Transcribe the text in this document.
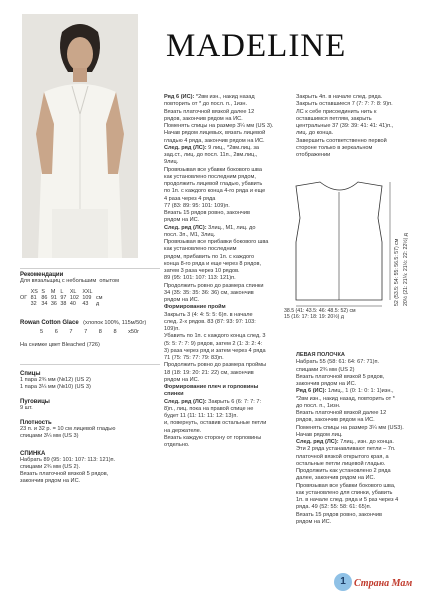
MADELINE
Рекомендации
Для вязальщиц с небольшим  опытом
	XS	S	M	L	XL	XXL	
ОГ	81	86	91	97	102	109	см
	32	34	36	38	40	43	д
Rowan Cotton Glace (хлопок 100%, 115м/50г)
5 6 7 7 8 8 х50г
На снимке цвет Bleached (726)
Спицы
1 пара 2¾ мм (№12) (US 2)
1 пара 3¼ мм (№10) (US 3)
Пуговицы
9 шт.
Плотность
23 п. и 32 р. = 10 см лицевой гладью
спицами 3¼ мм (US 3)
СПИНКА
Набрать 89 (95: 101: 107: 113: 121)п.
спицами 2¾ мм (US 2).
Вязать платочной вязкой 5 рядов,
закончив рядом на ИС.
Ряд 6 (ИС): *2вм изн., накид назад
повторить от * до посл. п., 1изн.
Вязать платочной вязкой далее 12
рядов, закончив рядом на ИС.
Поменять спицы на размер 3¼ мм (US 3).
Начав рядом лицевых, вязать лицевой
гладью 4 ряда, закончив рядом на ИС.
След. ряд (ЛС): 9 лиц., *2вм.лиц. за
зад.ст., лиц. до посл. 11п., 2вм.лиц.,
9лиц.
Провязывая все убавки бокового шва
как установлено последним рядом,
продолжить лицевой гладью, убавить
по 1п. с каждого конца 4-го ряда и еще
4 раза через 4 ряда
77 (83: 89: 95: 101: 109)п.
Вязать 15 рядов ровно, закончив
рядом на ИС.
След. ряд (ЛС): 3лиц., М1, лиц. до
посл. 3п., М1, 3лиц.
Провязывая все прибавки бокового шва
как установлено последним
рядом, прибавить по 1п. с каждого
конца 8-го ряда и еще через 8 рядов,
затем 3 раза через 10 рядов.
89 (95: 101: 107: 113: 121)п.
Продолжить ровно до размера спинки
34 (35: 35: 35: 36: 36) см, закончив
рядом на ИС.
Формирование пройм
Закрыть 3 (4: 4: 5: 5: 6)п. в начале
след. 2-х рядов. 83 (87: 93: 97: 103:
109)п.
Убавить по 1п. с каждого конца след. 3
(5: 5: 7: 7: 9) рядов, затем 2 (1: 3: 2: 4:
3) раза через ряд и затем через 4 ряда
71 (75: 75: 77: 79: 83)п.
Продолжить ровно до размера проймы
18 (18: 19: 20: 21: 22) см, закончив
рядом на ИС.
Формирование плеч и горловины
спинки
След. ряд (ЛС): Закрыть 6 (6: 7: 7: 7:
8)п., лиц. пока на правой спице не
будет 11 (11: 11: 11: 12: 13)п.
и, повернуть, оставив остальные петли
на держателе.
Вязать каждую сторону от горловины
отдельно.
Закрыть 4п. в начале след. ряда.
Закрыть оставшиеся 7 (7: 7: 7: 8: 9)п.
ЛС к себе присоединить нить к
оставшимся петлям, закрыть
центральные 37 (39: 39: 41: 41: 41)п.,
лиц. до конца.
Завершить соответственно первой
стороне только в зеркальном
отображении
38.5 (41: 43.5: 46: 48.5: 52) см
15 (16: 17: 18: 19: 20½) д
52 (53.5: 54: 55: 56.5: 57) см 20½ (21: 21¼: 21½: 22: 22½) д
ЛЕВАЯ ПОЛОЧКА
Набрать 55 (58: 61: 64: 67: 71)п.
спицами 2¾ мм (US 2)
Вязать платочной вязкой 5 рядов,
закончив рядом на ИС.
Ряд 6 (ИС): 1лиц., 1 (0: 1: 0: 1: 1)изн.,
*2вм изн., накид назад, повторить от *
до посл. п., 1изн.
Вязать платочной вязкой далее 12
рядов, закончив рядом на ИС.
Поменять спицы на размер 3¼ мм (US3).
Начав рядом лиц.
След. ряд (ЛС): 7лиц., изн. до конца.
Эти 2 ряда устанавливают петли – 7п.
платочной вязкой открытого края, а
остальные петли лицевой гладью.
Продолжить как установлено 2 ряда
далее, закончив рядом на ИС.
Провязывая все убавки бокового шва,
как установлено для спинки, убавить
1п. в начале след. ряда и 5 раз через 4
ряда. 49 (52: 55: 58: 61: 65)п.
Вязать 15 рядов ровно, закончив
рядом на ИС.
1 Страна Мам
